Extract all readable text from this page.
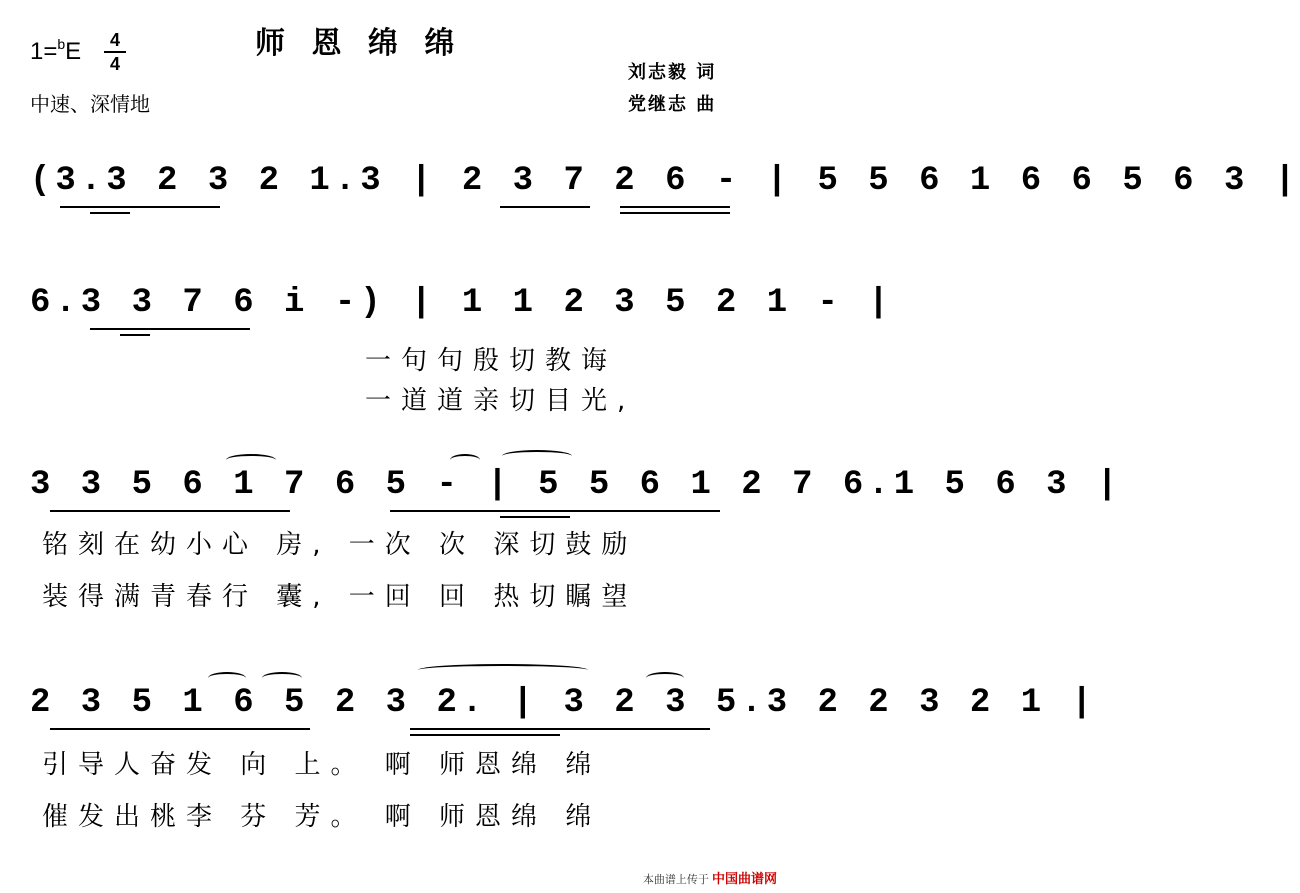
师 恩 绵 绵
1=$^b$E	4
4
中速、深情地
刘志毅 词
党继志 曲
(3.3 2 3 2 1.3 | 2 3 7 2 6 - | 5 5 6 1 6 6 5 6 3 |
6.3 3 7 6 i -) | 1 1 2 3 5 2 1 - |
一句句殷切教诲
一道道亲切目光,
3 3 5 6 1 7 6 5 - | 5 5 6 1 2 7 6.1 5 6 3 |
铭刻在幼小心 房, 一次 次 深切鼓励
装得满青春行 囊, 一回 回 热切瞩望
2 3 5 1 6 5 2 3 2. | 3 2 3 5.3 2 2 3 2 1 |
引导人奋发 向 上。 啊 师恩绵 绵
催发出桃李 芬 芳。 啊 师恩绵 绵
本曲谱上传于 中国曲谱网
